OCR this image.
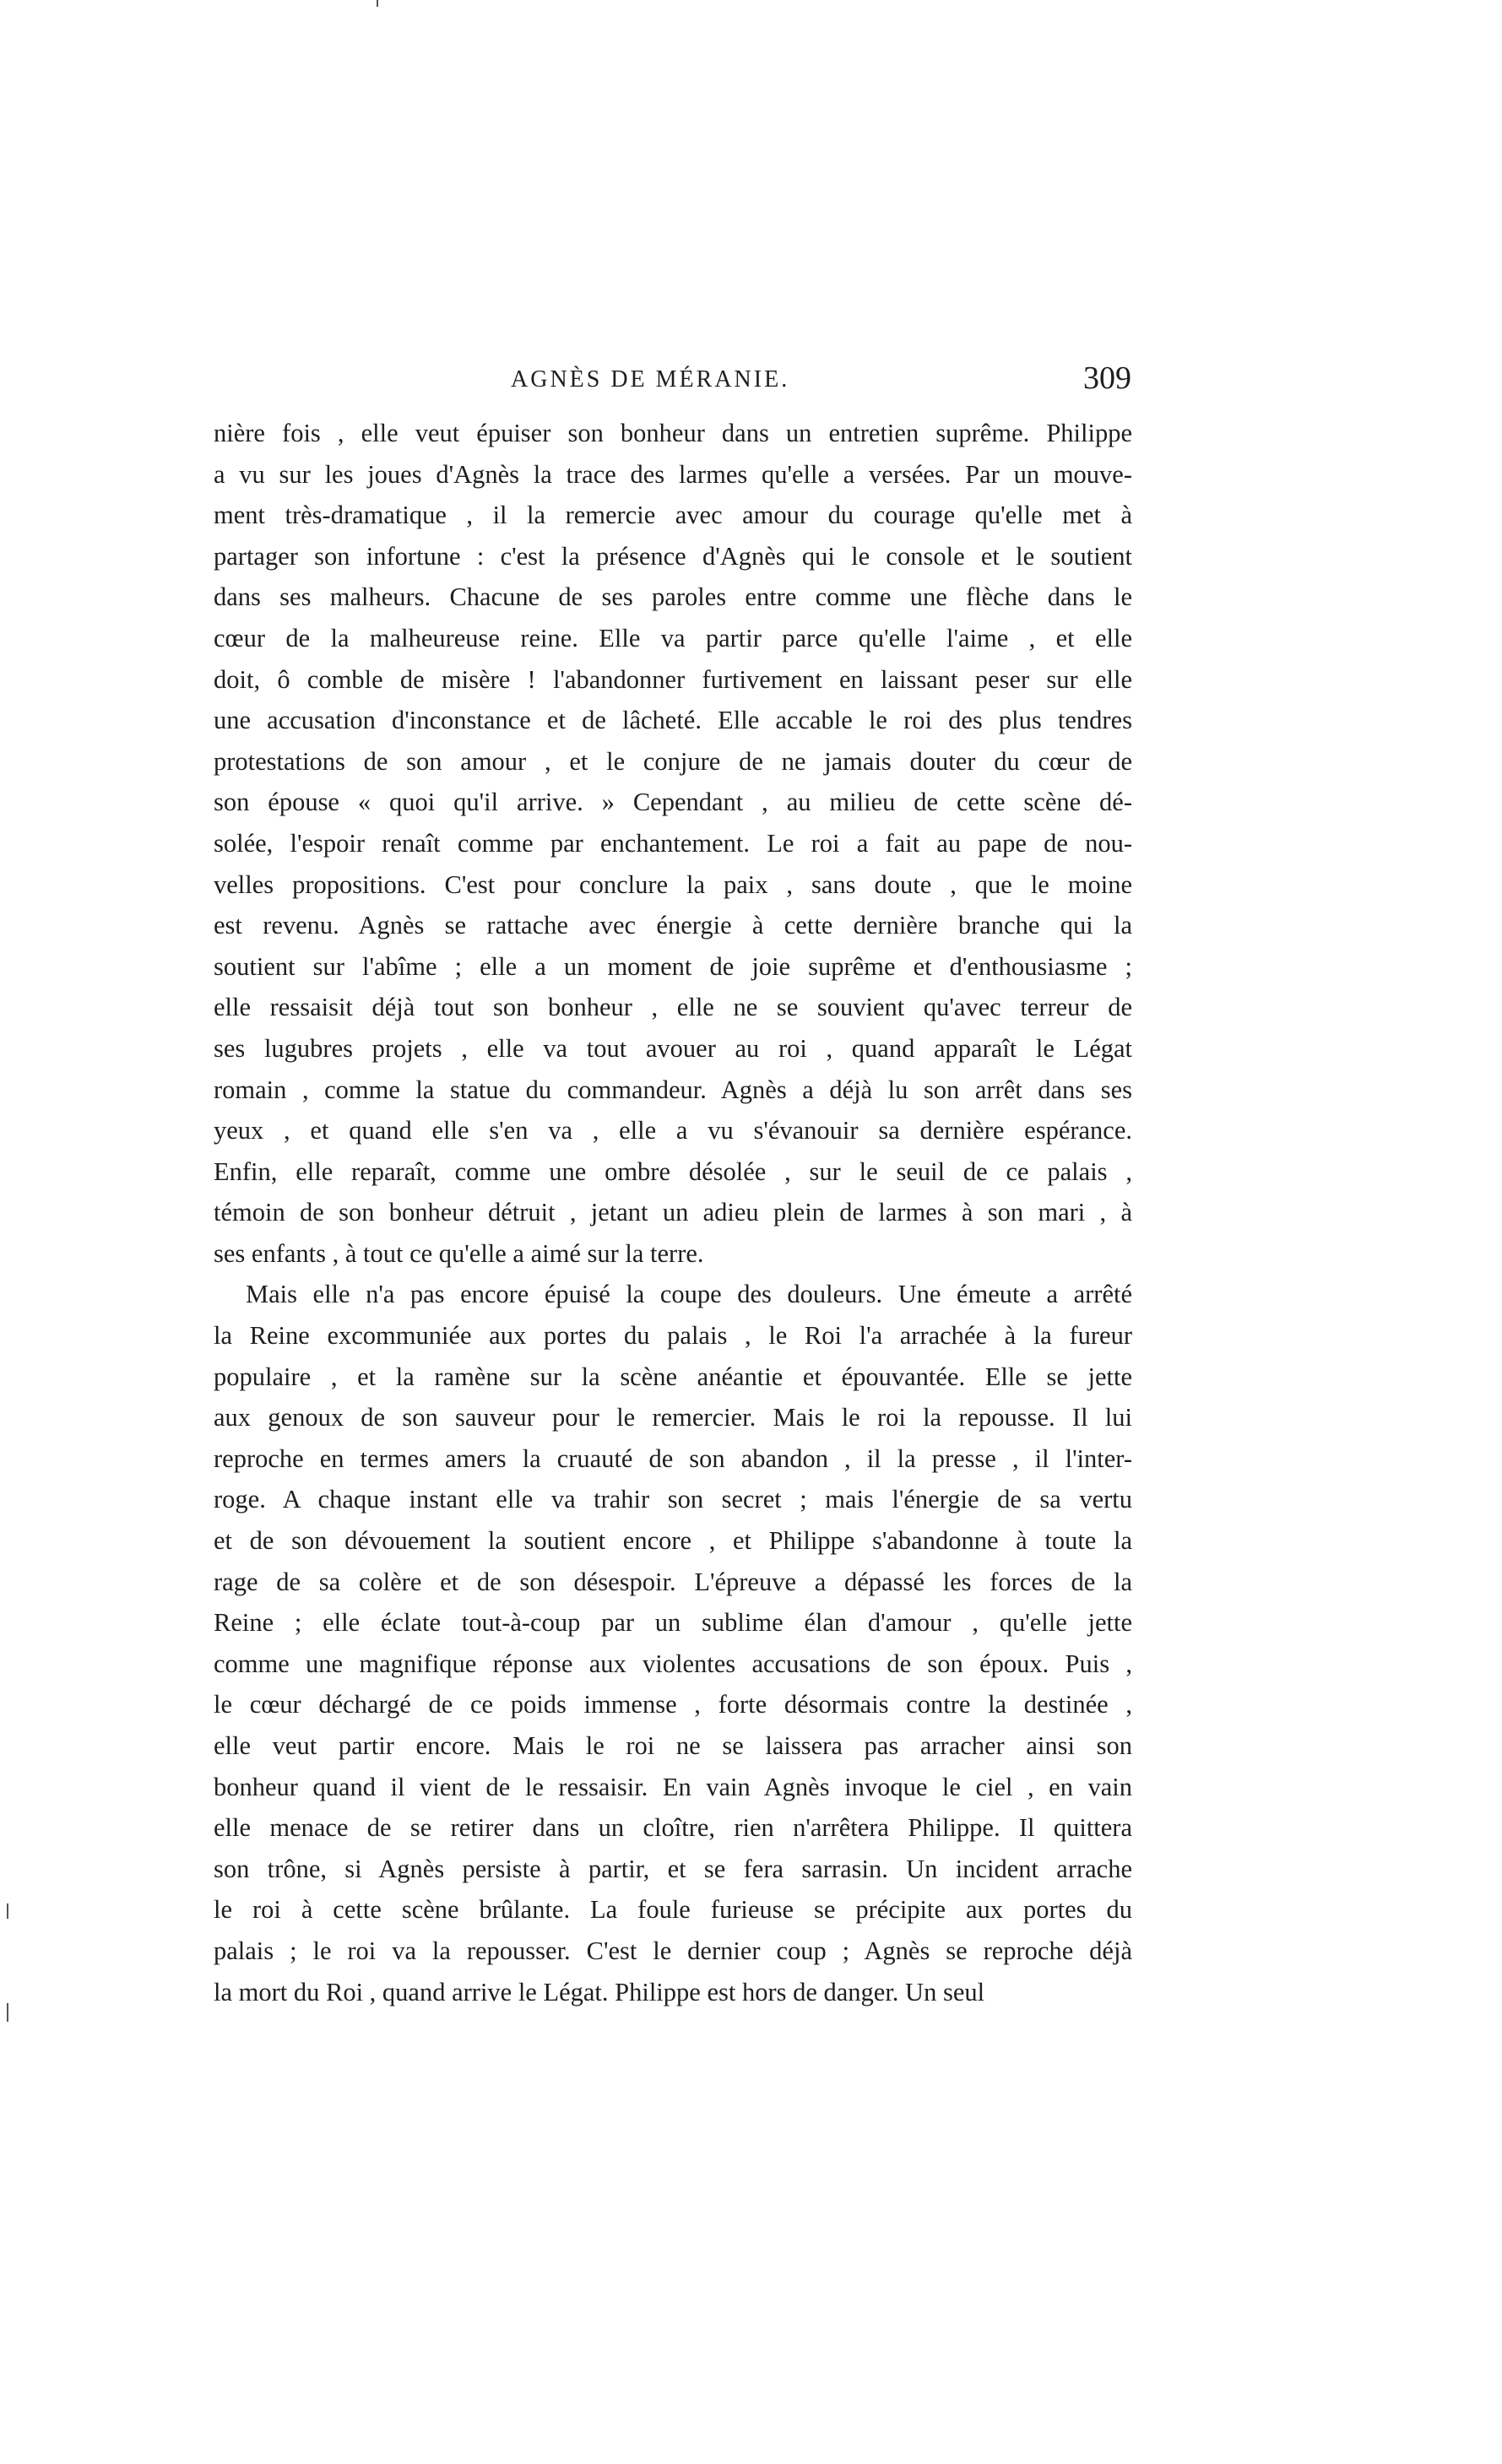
AGNÈS DE MÉRANIE.	309
nière fois , elle veut épuiser son bonheur dans un entretien suprême. Philippe
a vu sur les joues d'Agnès la trace des larmes qu'elle a versées. Par un mouve-
ment très-dramatique , il la remercie avec amour du courage qu'elle met à
partager son infortune : c'est la présence d'Agnès qui le console et le soutient
dans ses malheurs. Chacune de ses paroles entre comme une flèche dans le
cœur de la malheureuse reine. Elle va partir parce qu'elle l'aime , et elle
doit, ô comble de misère ! l'abandonner furtivement en laissant peser sur elle
une accusation d'inconstance et de lâcheté. Elle accable le roi des plus tendres
protestations de son amour , et le conjure de ne jamais douter du cœur de
son épouse « quoi qu'il arrive. » Cependant , au milieu de cette scène dé-
solée, l'espoir renaît comme par enchantement. Le roi a fait au pape de nou-
velles propositions. C'est pour conclure la paix , sans doute , que le moine
est revenu. Agnès se rattache avec énergie à cette dernière branche qui la
soutient sur l'abîme ; elle a un moment de joie suprême et d'enthousiasme ;
elle ressaisit déjà tout son bonheur , elle ne se souvient qu'avec terreur de
ses lugubres projets , elle va tout avouer au roi , quand apparaît le Légat
romain , comme la statue du commandeur. Agnès a déjà lu son arrêt dans ses
yeux , et quand elle s'en va , elle a vu s'évanouir sa dernière espérance.
Enfin, elle reparaît, comme une ombre désolée , sur le seuil de ce palais ,
témoin de son bonheur détruit , jetant un adieu plein de larmes à son mari , à
ses enfants , à tout ce qu'elle a aimé sur la terre.
Mais elle n'a pas encore épuisé la coupe des douleurs. Une émeute a arrêté
la Reine excommuniée aux portes du palais , le Roi l'a arrachée à la fureur
populaire , et la ramène sur la scène anéantie et épouvantée. Elle se jette
aux genoux de son sauveur pour le remercier. Mais le roi la repousse. Il lui
reproche en termes amers la cruauté de son abandon , il la presse , il l'inter-
roge. A chaque instant elle va trahir son secret ; mais l'énergie de sa vertu
et de son dévouement la soutient encore , et Philippe s'abandonne à toute la
rage de sa colère et de son désespoir. L'épreuve a dépassé les forces de la
Reine ; elle éclate tout-à-coup par un sublime élan d'amour , qu'elle jette
comme une magnifique réponse aux violentes accusations de son époux. Puis ,
le cœur déchargé de ce poids immense , forte désormais contre la destinée ,
elle veut partir encore. Mais le roi ne se laissera pas arracher ainsi son
bonheur quand il vient de le ressaisir. En vain Agnès invoque le ciel , en vain
elle menace de se retirer dans un cloître, rien n'arrêtera Philippe. Il quittera
son trône, si Agnès persiste à partir, et se fera sarrasin. Un incident arrache
le roi à cette scène brûlante. La foule furieuse se précipite aux portes du
palais ; le roi va la repousser. C'est le dernier coup ; Agnès se reproche déjà
la mort du Roi , quand arrive le Légat. Philippe est hors de danger. Un seul
